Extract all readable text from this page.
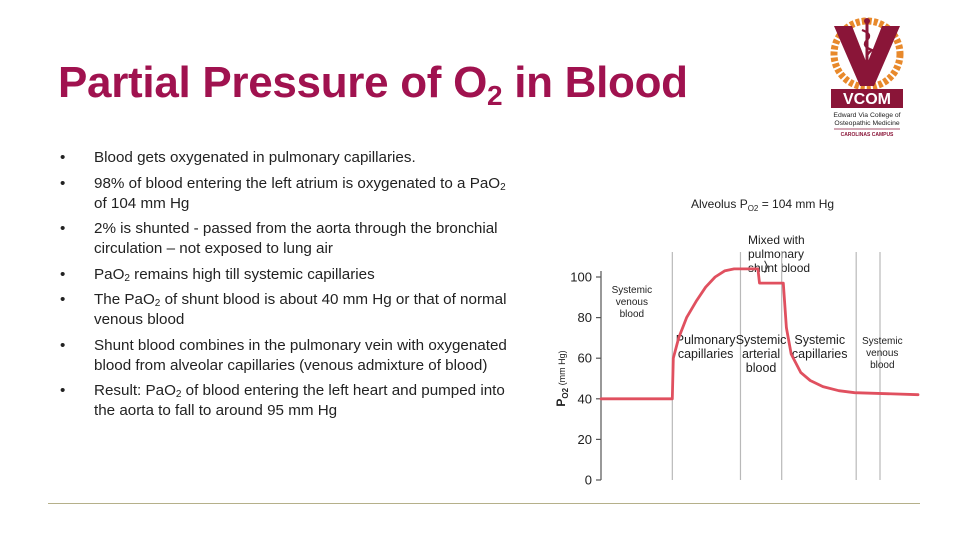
Partial Pressure of $O_2$ in Blood	VCOM
Edward Via College of
Osteopathic Medicine
CAROLINAS CAMPUS
• Blood gets oxygenated in pulmonary capillaries.
• 98% of blood entering the left atrium is oxygenated to a PaO$_2$ of 104 mm Hg
• 2% is shunted - passed from the aorta through the bronchial circulation – not exposed to lung air
• PaO$_2$ remains high till systemic capillaries
• The PaO$_2$ of shunt blood is about 40 mm Hg or that of normal venous blood
• Shunt blood combines in the pulmonary vein with oxygenated blood from alveolar capillaries (venous admixture of blood)
• Result: PaO$_2$ of blood entering the left heart and pumped into the aorta to fall to around 95 mm Hg
Alveolus $P_{O2} = 104$ mm Hg
Mixed with
pulmonary
shunt blood
0
20
40
60
80
100
$P_{O2}$ $^{(mm Hg)}$
Systemic
venous
blood
Pulmonary
capillaries
Systemic
arterial
blood
Systemic
capillaries
Systemic
venous
blood
